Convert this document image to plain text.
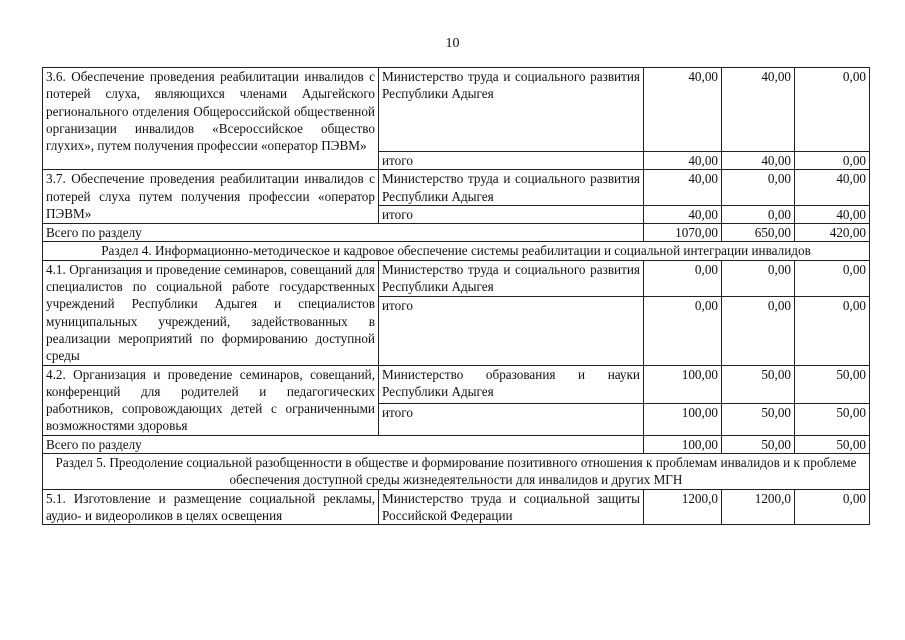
10
3.6. Обеспечение проведения реабилитации инвалидов с потерей слуха, являющихся членами Адыгейского регионального отделения Общероссийской общественной организации инвалидов «Всероссийское общество глухих», путем получения профессии «оператор ПЭВМ»	Министерство труда и социального развития Республики Адыгея	40,00	40,00	0,00
	итого	40,00	40,00	0,00
3.7. Обеспечение проведения реабилитации инвалидов с потерей слуха путем получения профессии «оператор ПЭВМ»	Министерство труда и социального развития Республики Адыгея	40,00	0,00	40,00
	итого	40,00	0,00	40,00
Всего по разделу		1070,00	650,00	420,00
Раздел 4. Информационно-методическое и кадровое обеспечение системы реабилитации и социальной интеграции инвалидов				
4.1. Организация и проведение семинаров, совещаний для специалистов по социальной работе государственных учреждений Республики Адыгея и специалистов муниципальных учреждений, задействованных в реализации мероприятий по формированию доступной среды	Министерство труда и социального развития Республики Адыгея	0,00	0,00	0,00
	итого	0,00	0,00	0,00
4.2. Организация и проведение семинаров, совещаний, конференций для родителей и педагогических работников, сопровождающих детей с ограниченными возможностями здоровья	Министерство образования и науки Республики Адыгея	100,00	50,00	50,00
	итого	100,00	50,00	50,00
Всего по разделу		100,00	50,00	50,00
Раздел 5. Преодоление социальной разобщенности в обществе и формирование позитивного отношения к проблемам инвалидов и к проблеме обеспечения доступной среды жизнедеятельности для инвалидов и других МГН				
5.1. Изготовление и размещение социальной рекламы, аудио- и видеороликов в целях освещения	Министерство труда и социальной защиты Российской Федерации	1200,0	1200,0	0,00
